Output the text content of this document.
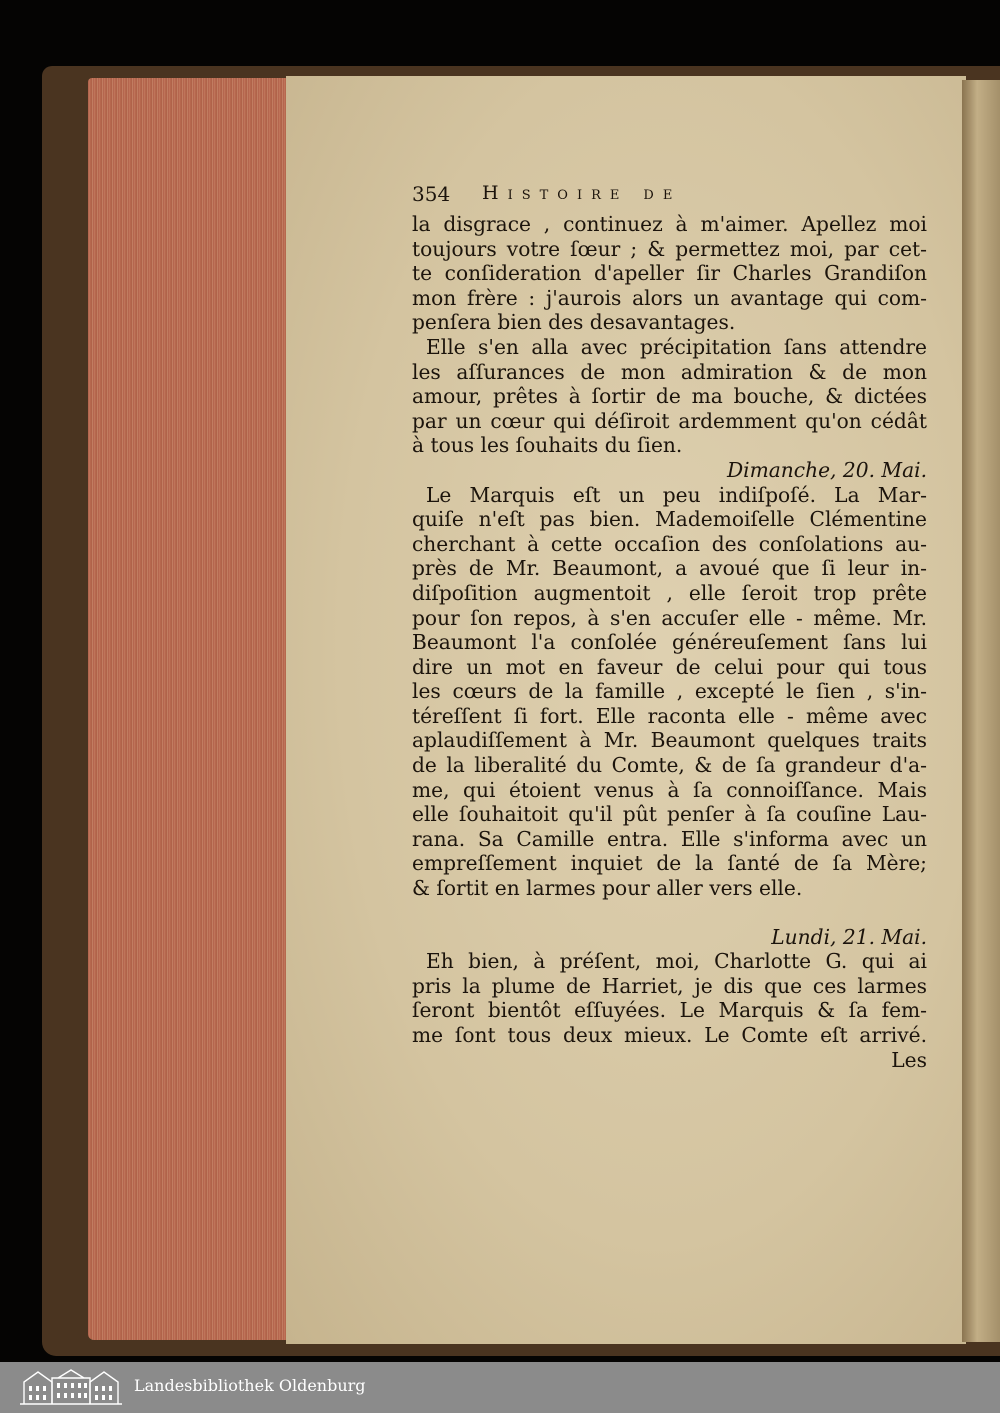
354 Histoire de
la disgrace , continuez à m'aimer. Apellez moi
toujours votre ſœur ; & permettez moi, par cet-
te conſideration d'apeller ſir Charles Grandiſon
mon frère : j'aurois alors un avantage qui com-
penſera bien des desavantages.
Elle s'en alla avec précipitation ſans attendre
les aſſurances de mon admiration & de mon
amour, prêtes à ſortir de ma bouche, & dictées
par un cœur qui déſiroit ardemment qu'on cédât
à tous les ſouhaits du ſien.
Dimanche, 20. Mai.
Le Marquis eſt un peu indiſpoſé. La Mar-
quiſe n'eſt pas bien. Mademoiſelle Clémentine
cherchant à cette occaſion des conſolations au-
près de Mr. Beaumont, a avoué que ſi leur in-
diſpoſition augmentoit , elle ſeroit trop prête
pour ſon repos, à s'en accuſer elle - même. Mr.
Beaumont l'a conſolée généreuſement ſans lui
dire un mot en faveur de celui pour qui tous
les cœurs de la famille , excepté le ſien , s'in-
téreſſent ſi fort. Elle raconta elle - même avec
aplaudiſſement à Mr. Beaumont quelques traits
de la liberalité du Comte, & de ſa grandeur d'a-
me, qui étoient venus à ſa connoiſſance. Mais
elle ſouhaitoit qu'il pût penſer à ſa couſine Lau-
rana. Sa Camille entra. Elle s'informa avec un
empreſſement inquiet de la ſanté de ſa Mère;
& ſortit en larmes pour aller vers elle.
Lundi, 21. Mai.
Eh bien, à préſent, moi, Charlotte G. qui ai
pris la plume de Harriet, je dis que ces larmes
ſeront bientôt eſſuyées. Le Marquis & ſa fem-
me ſont tous deux mieux. Le Comte eſt arrivé.
Les
Landesbibliothek Oldenburg
